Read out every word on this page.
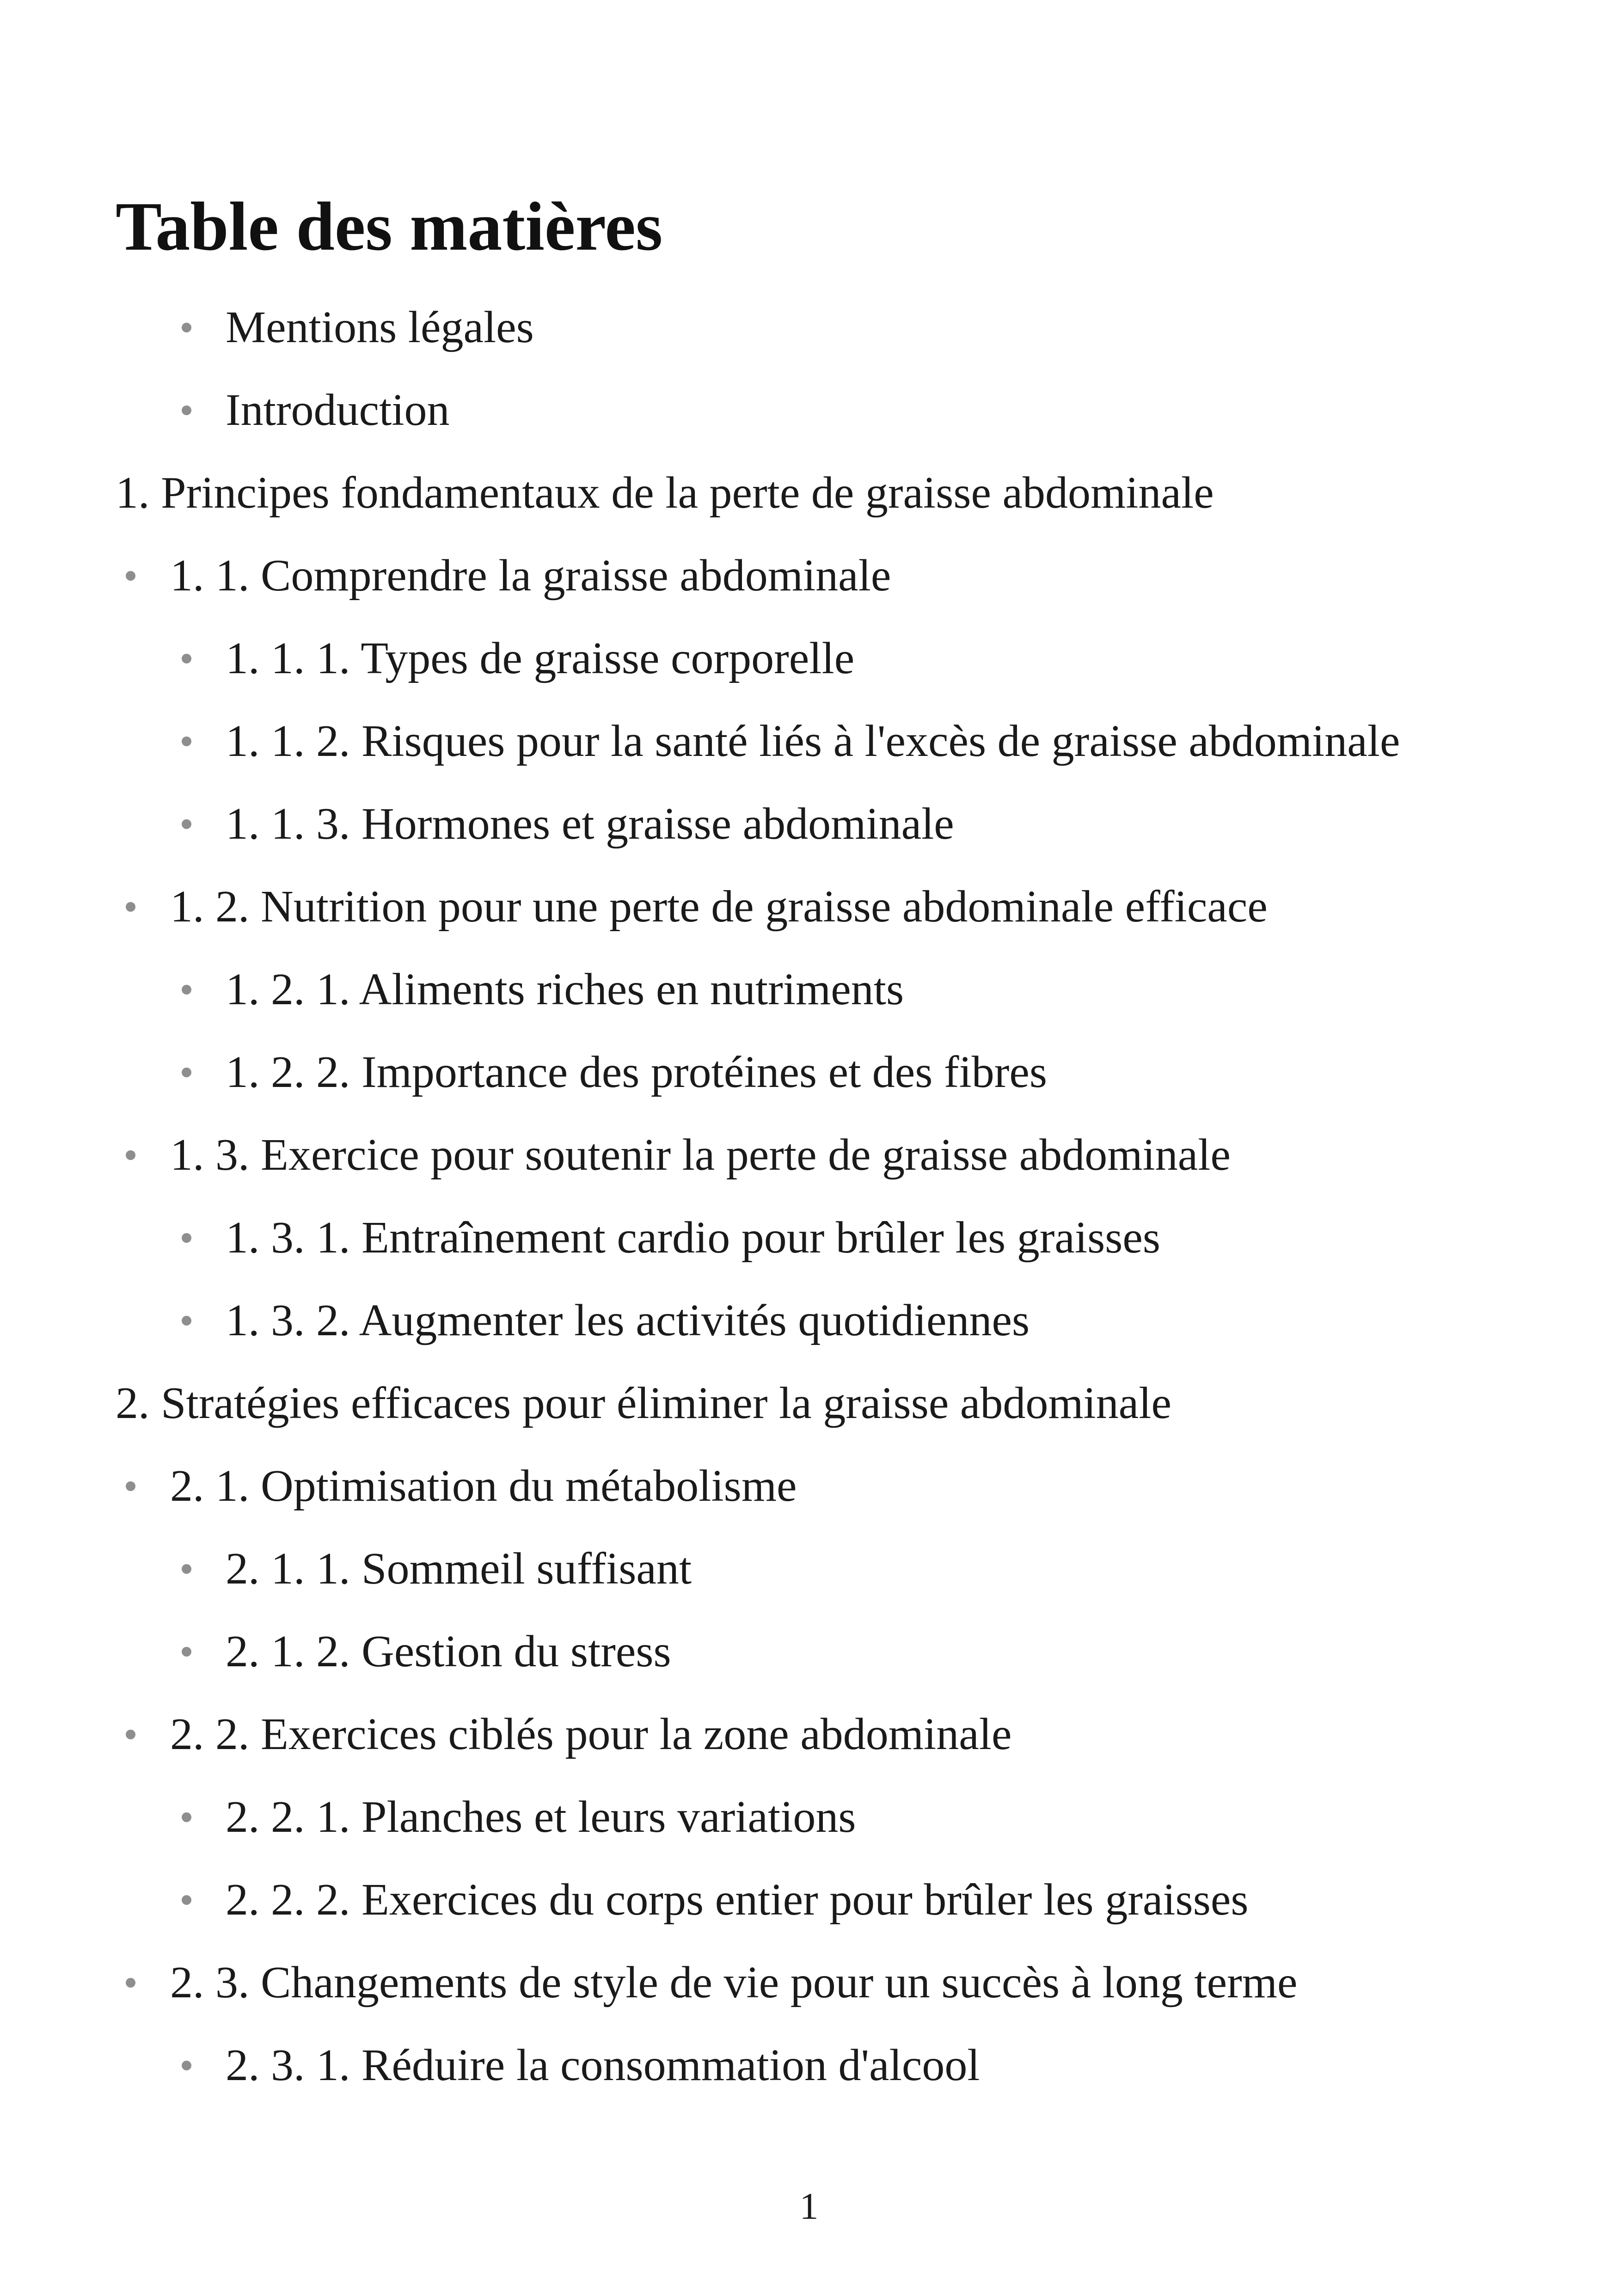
Table des matières
Mentions légales
Introduction
1. Principes fondamentaux de la perte de graisse abdominale
1. 1. Comprendre la graisse abdominale
1. 1. 1. Types de graisse corporelle
1. 1. 2. Risques pour la santé liés à l'excès de graisse abdominale
1. 1. 3. Hormones et graisse abdominale
1. 2. Nutrition pour une perte de graisse abdominale efficace
1. 2. 1. Aliments riches en nutriments
1. 2. 2. Importance des protéines et des fibres
1. 3. Exercice pour soutenir la perte de graisse abdominale
1. 3. 1. Entraînement cardio pour brûler les graisses
1. 3. 2. Augmenter les activités quotidiennes
2. Stratégies efficaces pour éliminer la graisse abdominale
2. 1. Optimisation du métabolisme
2. 1. 1. Sommeil suffisant
2. 1. 2. Gestion du stress
2. 2. Exercices ciblés pour la zone abdominale
2. 2. 1. Planches et leurs variations
2. 2. 2. Exercices du corps entier pour brûler les graisses
2. 3. Changements de style de vie pour un succès à long terme
2. 3. 1. Réduire la consommation d'alcool
1
